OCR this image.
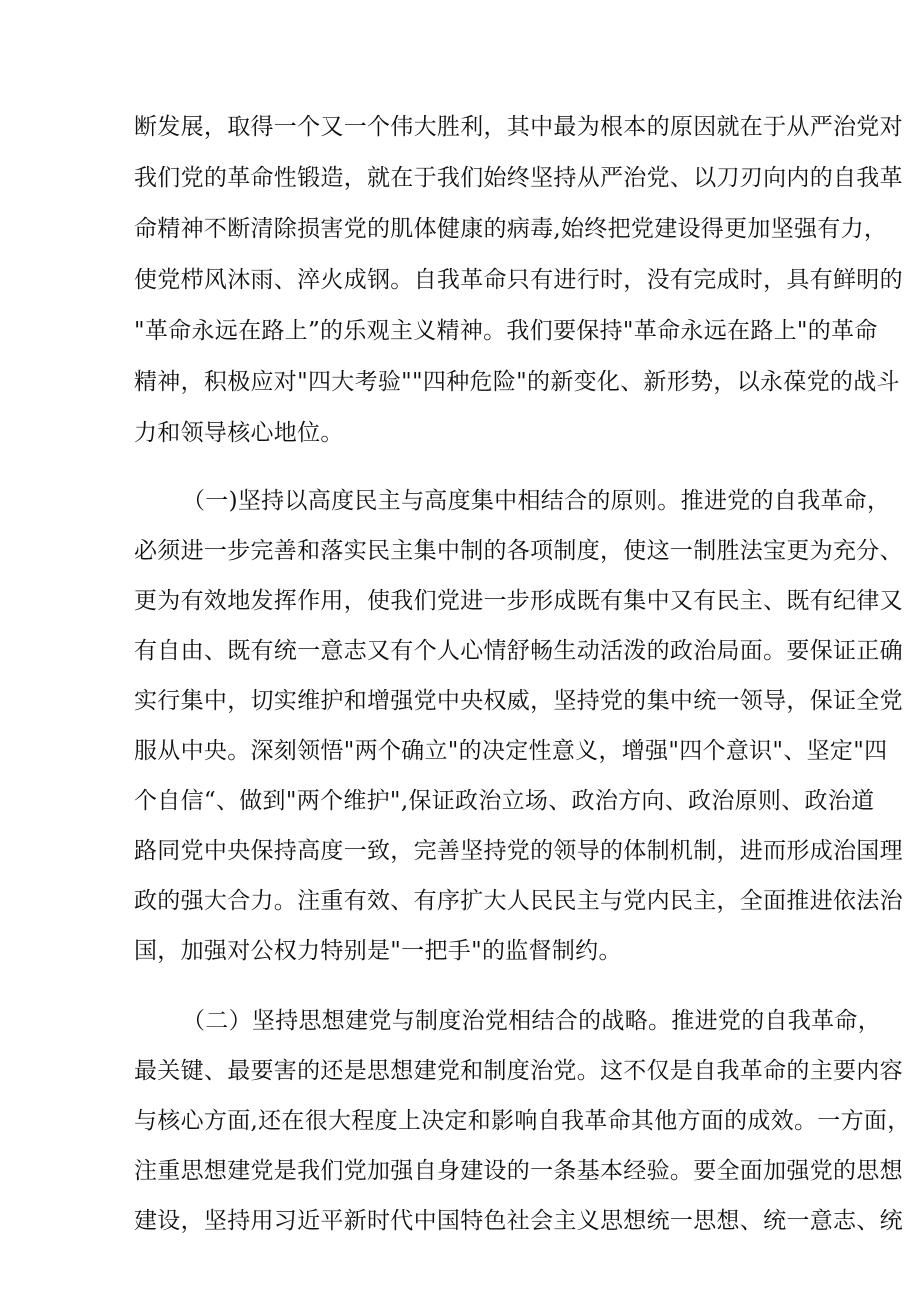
断发展，取得一个又一个伟大胜利，其中最为根本的原因就在于从严治党对
我们党的革命性锻造，就在于我们始终坚持从严治党、以刀刃向内的自我革
命精神不断清除损害党的肌体健康的病毒,始终把党建设得更加坚强有力，
使党栉风沐雨、淬火成钢。自我革命只有进行时，没有完成时，具有鲜明的
"革命永远在路上”的乐观主义精神。我们要保持"革命永远在路上"的革命
精神，积极应对"四大考验""四种危险"的新变化、新形势，以永葆党的战斗
力和领导核心地位。
（一)坚持以高度民主与高度集中相结合的原则。推进党的自我革命，
必须进一步完善和落实民主集中制的各项制度，使这一制胜法宝更为充分、
更为有效地发挥作用，使我们党进一步形成既有集中又有民主、既有纪律又
有自由、既有统一意志又有个人心情舒畅生动活泼的政治局面。要保证正确
实行集中，切实维护和增强党中央权威，坚持党的集中统一领导，保证全党
服从中央。深刻领悟"两个确立"的决定性意义，增强"四个意识"、坚定"四
个自信“、做到"两个维护",保证政治立场、政治方向、政治原则、政治道
路同党中央保持高度一致，完善坚持党的领导的体制机制，进而形成治国理
政的强大合力。注重有效、有序扩大人民民主与党内民主，全面推进依法治
国，加强对公权力特别是"一把手"的监督制约。
（二）坚持思想建党与制度治党相结合的战略。推进党的自我革命，
最关键、最要害的还是思想建党和制度治党。这不仅是自我革命的主要内容
与核心方面,还在很大程度上决定和影响自我革命其他方面的成效。一方面，
注重思想建党是我们党加强自身建设的一条基本经验。要全面加强党的思想
建设，坚持用习近平新时代中国特色社会主义思想统一思想、统一意志、统
